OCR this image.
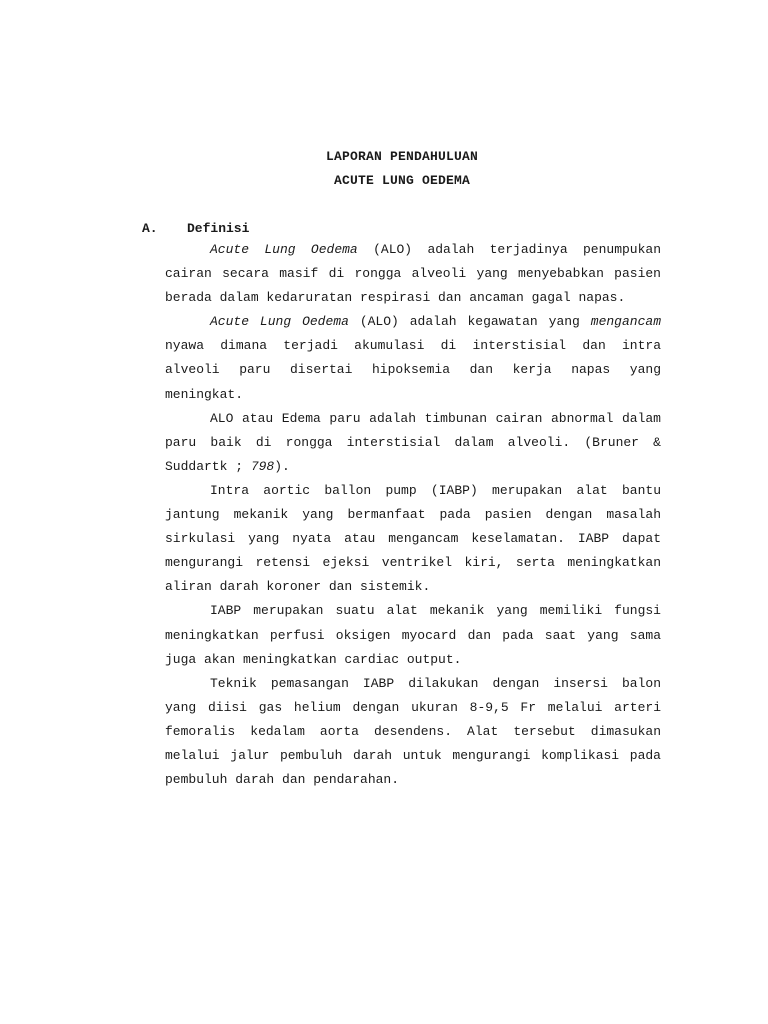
LAPORAN PENDAHULUAN
ACUTE LUNG OEDEMA
A. Definisi

Acute Lung Oedema (ALO) adalah terjadinya penumpukan cairan secara masif di rongga alveoli yang menyebabkan pasien berada dalam kedaruratan respirasi dan ancaman gagal napas.

Acute Lung Oedema (ALO) adalah kegawatan yang mengancam nyawa dimana terjadi akumulasi di interstisial dan intra alveoli paru disertai hipoksemia dan kerja napas yang meningkat.

ALO atau Edema paru adalah timbunan cairan abnormal dalam paru baik di rongga interstisial dalam alveoli. (Bruner & Suddartk ; 798).

Intra aortic ballon pump (IABP) merupakan alat bantu jantung mekanik yang bermanfaat pada pasien dengan masalah sirkulasi yang nyata atau mengancam keselamatan. IABP dapat mengurangi retensi ejeksi ventrikel kiri, serta meningkatkan aliran darah koroner dan sistemik.

IABP merupakan suatu alat mekanik yang memiliki fungsi meningkatkan perfusi oksigen myocard dan pada saat yang sama juga akan meningkatkan cardiac output.

Teknik pemasangan IABP dilakukan dengan insersi balon yang diisi gas helium dengan ukuran 8-9,5 Fr melalui arteri femoralis kedalam aorta desendens. Alat tersebut dimasukan melalui jalur pembuluh darah untuk mengurangi komplikasi pada pembuluh darah dan pendarahan.
